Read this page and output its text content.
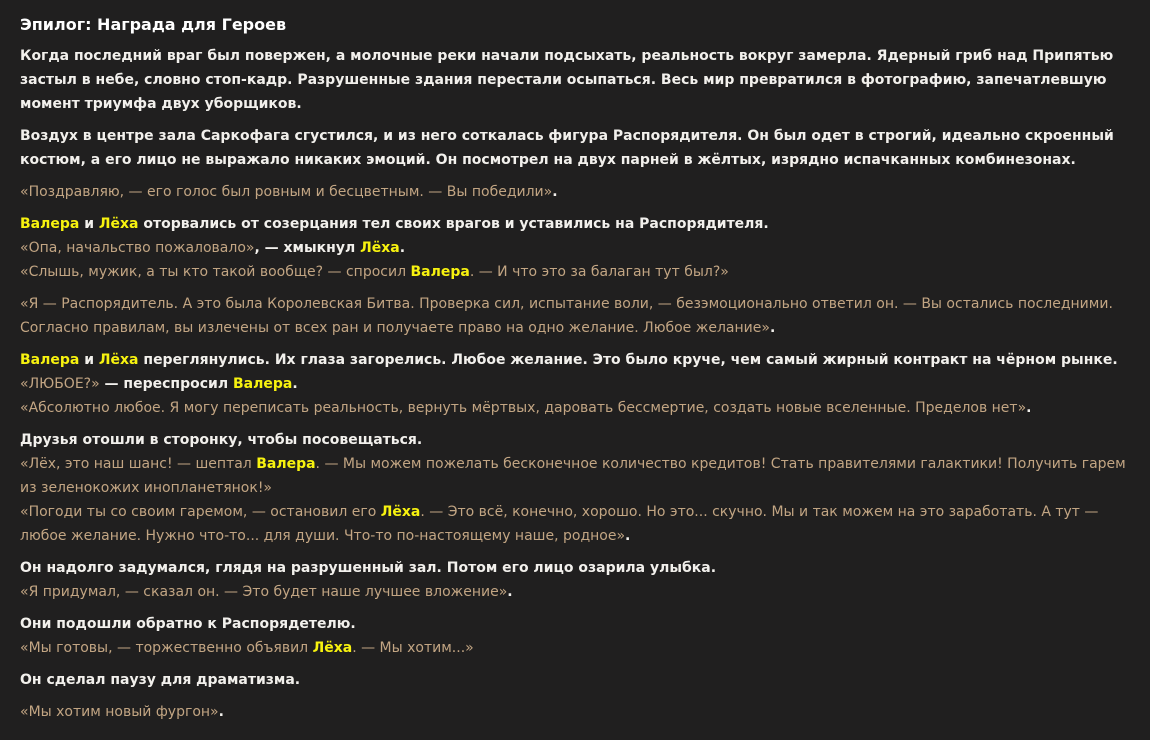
Эпилог: Награда для Героев
Когда последний враг был повержен, а молочные реки начали подсыхать, реальность вокруг замерла. Ядерный гриб над Припятью застыл в небе, словно стоп-кадр. Разрушенные здания перестали осыпаться. Весь мир превратился в фотографию, запечатлевшую момент триумфа двух уборщиков.
Воздух в центре зала Саркофага сгустился, и из него соткалась фигура Распорядителя. Он был одет в строгий, идеально скроенный костюм, а его лицо не выражало никаких эмоций. Он посмотрел на двух парней в жёлтых, изрядно испачканных комбинезонах.
«Поздравляю, — его голос был ровным и бесцветным. — Вы победили».
Валера и Лёха оторвались от созерцания тел своих врагов и уставились на Распорядителя.
«Опа, начальство пожаловало», — хмыкнул Лёха.
«Слышь, мужик, а ты кто такой вообще? — спросил Валера. — И что это за балаган тут был?»
«Я — Распорядитель. А это была Королевская Битва. Проверка сил, испытание воли, — безэмоционально ответил он. — Вы остались последними. Согласно правилам, вы излечены от всех ран и получаете право на одно желание. Любое желание».
Валера и Лёха переглянулись. Их глаза загорелись. Любое желание. Это было круче, чем самый жирный контракт на чёрном рынке.
«ЛЮБОЕ?» — переспросил Валера.
«Абсолютно любое. Я могу переписать реальность, вернуть мёртвых, даровать бессмертие, создать новые вселенные. Пределов нет».
Друзья отошли в сторонку, чтобы посовещаться.
«Лёх, это наш шанс! — шептал Валера. — Мы можем пожелать бесконечное количество кредитов! Стать правителями галактики! Получить гарем из зеленокожих инопланетянок!»
«Погоди ты со своим гаремом, — остановил его Лёха. — Это всё, конечно, хорошо. Но это... скучно. Мы и так можем на это заработать. А тут — любое желание. Нужно что-то... для души. Что-то по-настоящему наше, родное».
Он надолго задумался, глядя на разрушенный зал. Потом его лицо озарила улыбка.
«Я придумал, — сказал он. — Это будет наше лучшее вложение».
Они подошли обратно к Распорядетелю.
«Мы готовы, — торжественно объявил Лёха. — Мы хотим...»
Он сделал паузу для драматизма.
«Мы хотим новый фургон».
